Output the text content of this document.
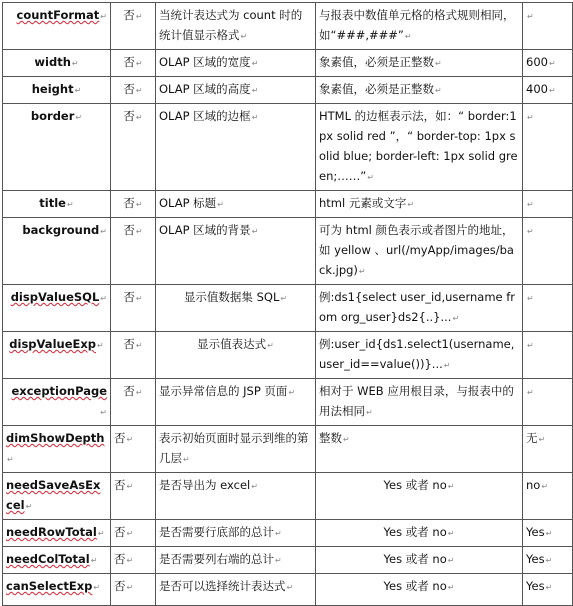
countFormat↵	否↵	当统计表达式为 count 时的统计值显示格式↵	与报表中数值单元格的格式规则相同，如“###,###”↵	↵
width↵	否↵	OLAP 区域的宽度↵	象素值，必须是正整数↵	600↵
height↵	否↵	OLAP 区域的高度↵	象素值，必须是正整数↵	400↵
border↵	否↵	OLAP 区域的边框↵	HTML 的边框表示法，如：“ border:1px solid red ”，“ border-top: 1px solid blue; border-left: 1px solid green;……”↵	↵
title↵	否↵	OLAP 标题↵	html 元素或文字↵	↵
background↵	否↵	OLAP 区域的背景↵	可为 html 颜色表示或者图片的地址，如 yellow 、url(/myApp/images/back.jpg)↵	↵
dispValueSQL↵	否↵	显示值数据集 SQL↵	例:ds1{select user_id,username from org_user}ds2{..}...↵	↵
dispValueExp↵	否↵	显示值表达式↵	例:user_id{ds1.select1(username, user_id==value())}...↵	↵
exceptionPage↵	否↵	显示异常信息的 JSP 页面↵	相对于 WEB 应用根目录，与报表中的用法相同↵	↵
dimShowDepth↵	否↵	表示初始页面时显示到维的第几层↵	整数↵	无↵
needSaveAsExcel↵	否↵	是否导出为 excel↵	Yes 或者 no↵	no↵
needRowTotal↵	否↵	是否需要行底部的总计↵	Yes 或者 no↵	Yes↵
needColTotal↵	否↵	是否需要列右端的总计↵	Yes 或者 no↵	Yes↵
canSelectExp↵	否↵	是否可以选择统计表达式↵	Yes 或者 no↵	Yes↵
